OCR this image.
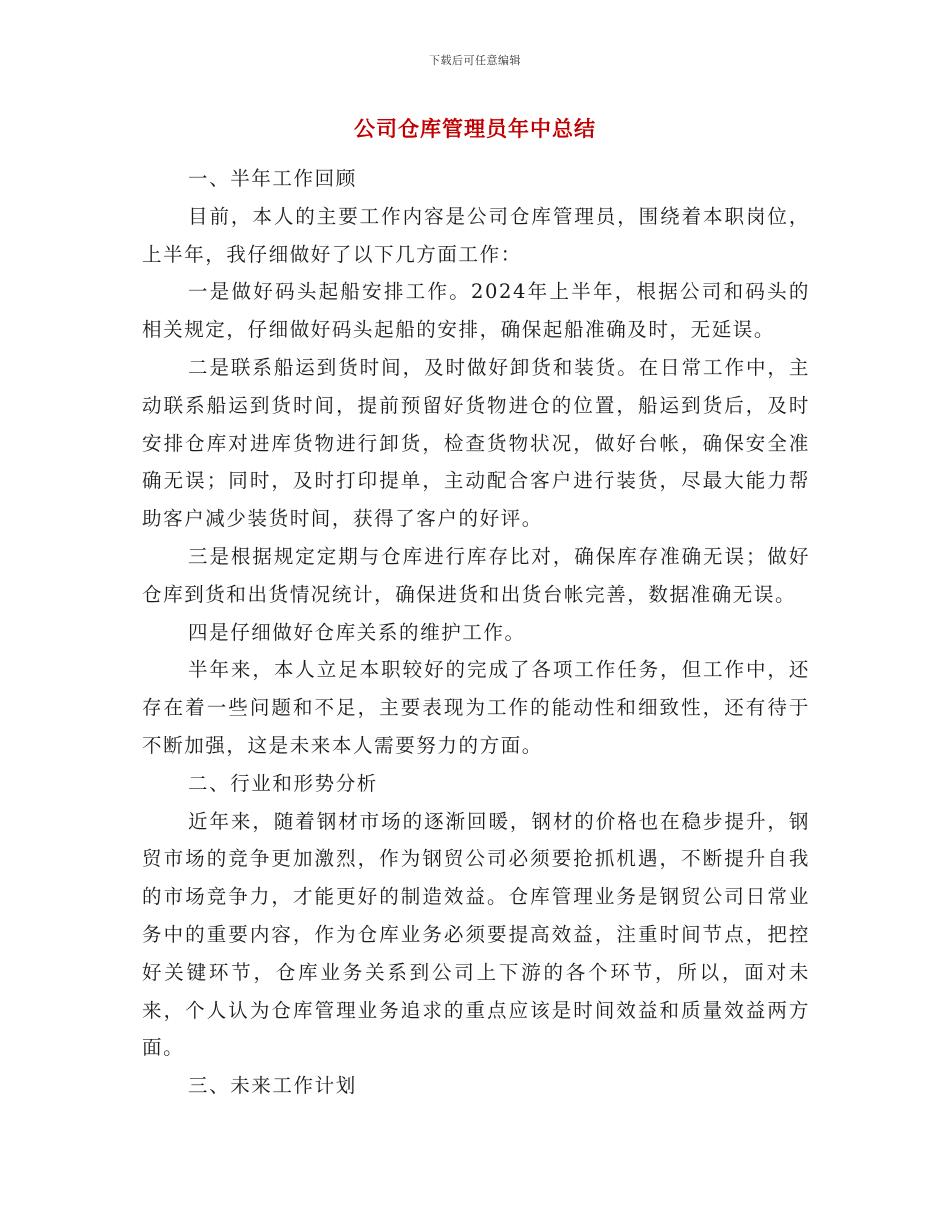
下载后可任意编辑
公司仓库管理员年中总结

一、半年工作回顾

目前，本人的主要工作内容是公司仓库管理员，围绕着本职岗位，上半年，我仔细做好了以下几方面工作：

一是做好码头起船安排工作。2024年上半年，根据公司和码头的相关规定，仔细做好码头起船的安排，确保起船准确及时，无延误。

二是联系船运到货时间，及时做好卸货和装货。在日常工作中，主动联系船运到货时间，提前预留好货物进仓的位置，船运到货后，及时安排仓库对进库货物进行卸货，检查货物状况，做好台帐，确保安全准确无误；同时，及时打印提单，主动配合客户进行装货，尽最大能力帮助客户减少装货时间，获得了客户的好评。

三是根据规定定期与仓库进行库存比对，确保库存准确无误；做好仓库到货和出货情况统计，确保进货和出货台帐完善，数据准确无误。

四是仔细做好仓库关系的维护工作。

半年来，本人立足本职较好的完成了各项工作任务，但工作中，还存在着一些问题和不足，主要表现为工作的能动性和细致性，还有待于不断加强，这是未来本人需要努力的方面。

二、行业和形势分析

近年来，随着钢材市场的逐渐回暖，钢材的价格也在稳步提升，钢贸市场的竞争更加激烈，作为钢贸公司必须要抢抓机遇，不断提升自我的市场竞争力，才能更好的制造效益。仓库管理业务是钢贸公司日常业务中的重要内容，作为仓库业务必须要提高效益，注重时间节点，把控好关键环节，仓库业务关系到公司上下游的各个环节，所以，面对未来，个人认为仓库管理业务追求的重点应该是时间效益和质量效益两方面。

三、未来工作计划
